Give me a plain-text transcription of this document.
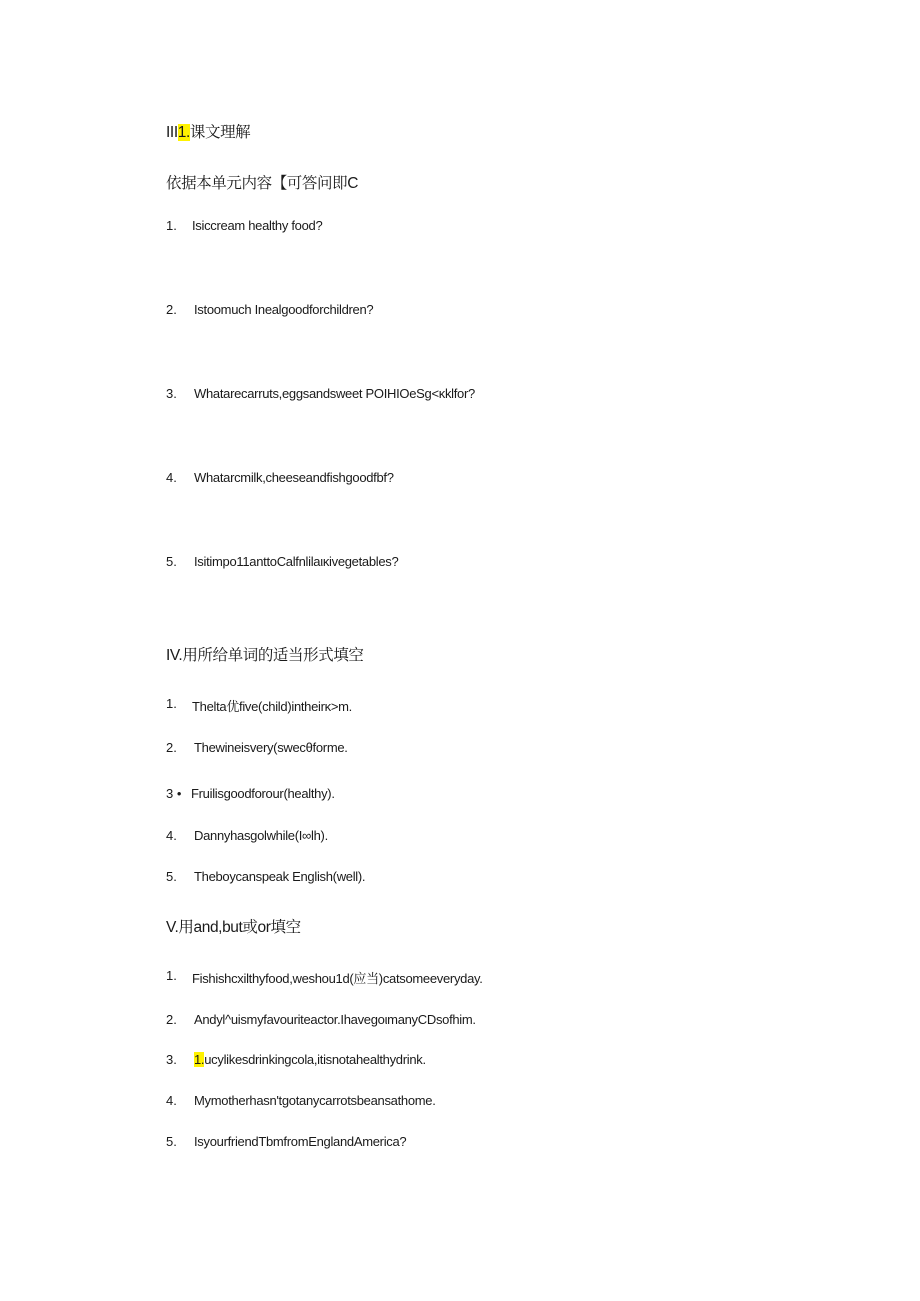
III1.课文理解
依据本单元内容【可答问即C
1. Isiccream healthy food?
2. Istoomuch Inealgoodforchildren?
3. Whatarecarruts,eggsandsweet POIHIOeSg<κklfor?
4. Whatarcmilk,cheeseandfishgoodfbf?
5. Isitimpo11anttoCalfnlilaικivegetables?
IV.用所给单词的适当形式填空
1. Thelta优five(child)intheirκ>m.
2. Thewineisvery(swecθforme.
3 • Fruilisgoodforour(healthy).
4. Dannyhasgolwhile(I∞lh).
5. Theboycanspeak English(well).
V.用and,but或or填空
1. Fishishcxilthyfood,weshou1d(应当)catsomeeveryday.
2. Andyl^uismyfavouriteactor.IhavegoιmanyCDsofhim.
3. 1.ucylikesdrinkingcola,itisnotahealthydrink.
4. Mymotherhasn'tgotanycarrotsbeansathome.
5. IsyourfriendTbmfromEnglandAmerica?
